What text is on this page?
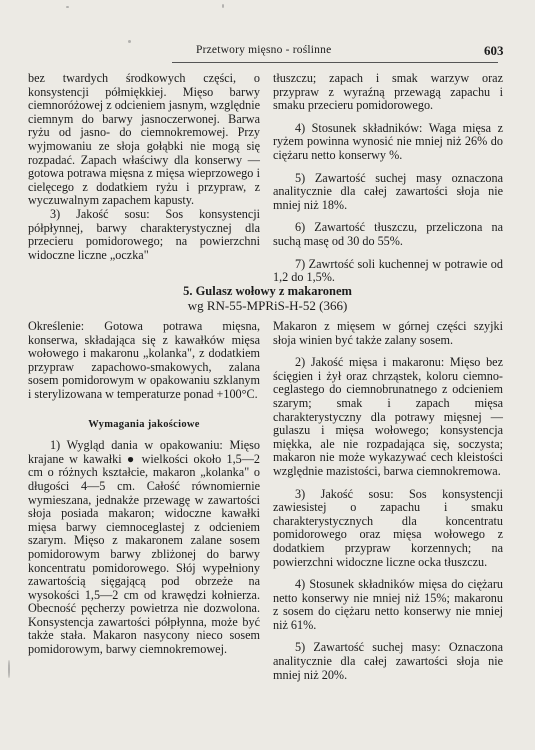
Przetwory mięsno - roślinne	603

bez twardych środkowych części, o konsystencji półmiękkiej. Mięso barwy ciemnoróżowej z odcieniem jasnym, względnie ciemnym do barwy jasnoczerwonej. Barwa ryżu od jasno- do ciemnokremowej. Przy wyjmowaniu ze słoja gołąbki nie mogą się rozpadać. Zapach właściwy dla konserwy — gotowa potrawa mięsna z mięsa wieprzowego i cielęcego z dodatkiem ryżu i przypraw, z wyczuwalnym zapachem kapusty.

3) Jakość sosu: Sos konsystencji półpłynnej, barwy charakterystycznej dla przecieru pomidorowego; na powierzchni widoczne liczne „oczka"

tłuszczu; zapach i smak warzyw oraz przypraw z wyraźną przewagą zapachu i smaku przecieru pomidorowego.

4) Stosunek składników: Waga mięsa z ryżem powinna wynosić nie mniej niż 26% do ciężaru netto konserwy %.

5) Zawartość suchej masy oznaczona analitycznie dla całej zawartości słoja nie mniej niż 18%.

6) Zawartość tłuszczu, przeliczona na suchą masę od 30 do 55%.

7) Zawrtość soli kuchennej w potrawie od 1,2 do 1,5%.

5. Gulasz wołowy z makaronem
wg RN-55-MPRiS-H-52 (366)

Określenie: Gotowa potrawa mięsna, konserwa, składająca się z kawałków mięsa wołowego i makaronu „kolanka", z dodatkiem przypraw zapachowo-smakowych, zalana sosem pomidorowym w opakowaniu szklanym i sterylizowana w temperaturze ponad +100°C.

Wymagania jakościowe

1) Wygląd dania w opakowaniu: Mięso krajane w kawałki ● wielkości około 1,5—2 cm o różnych kształcie, makaron „kolanka" o długości 4—5 cm. Całość równomiernie wymieszana, jednakże przewagę w zawartości słoja posiada makaron; widoczne kawałki mięsa barwy ciemnoceglastej z odcieniem szarym. Mięso z makaronem zalane sosem pomidorowym barwy zbliżonej do barwy koncentratu pomidorowego. Słój wypełniony zawartością sięgającą pod obrzeże na wysokości 1,5—2 cm od krawędzi kołnierza. Obecność pęcherzy powietrza nie dozwolona. Konsystencja zawartości półpłynna, może być także stała. Makaron nasycony nieco sosem pomidorowym, barwy ciemnokremowej.

Makaron z mięsem w górnej części szyjki słoja winien być także zalany sosem.

2) Jakość mięsa i makaronu: Mięso bez ścięgien i żył oraz chrząstek, koloru ciemno-ceglastego do ciemnobrunatnego z odcieniem szarym; smak i zapach mięsa charakterystyczny dla potrawy mięsnej — gulaszu i mięsa wołowego; konsystencja miękka, ale nie rozpadająca się, soczysta; makaron nie może wykazywać cech kleistości względnie mazistości, barwa ciemnokremowa.

3) Jakość sosu: Sos konsystencji zawiesistej o zapachu i smaku charakterystycznych dla koncentratu pomidorowego oraz mięsa wołowego z dodatkiem przypraw korzennych; na powierzchni widoczne liczne ocka tłuszczu.

4) Stosunek składników mięsa do ciężaru netto konserwy nie mniej niż 15%; makaronu z sosem do ciężaru netto konserwy nie mniej niż 61%.

5) Zawartość suchej masy: Oznaczona analitycznie dla całej zawartości słoja nie mniej niż 20%.
